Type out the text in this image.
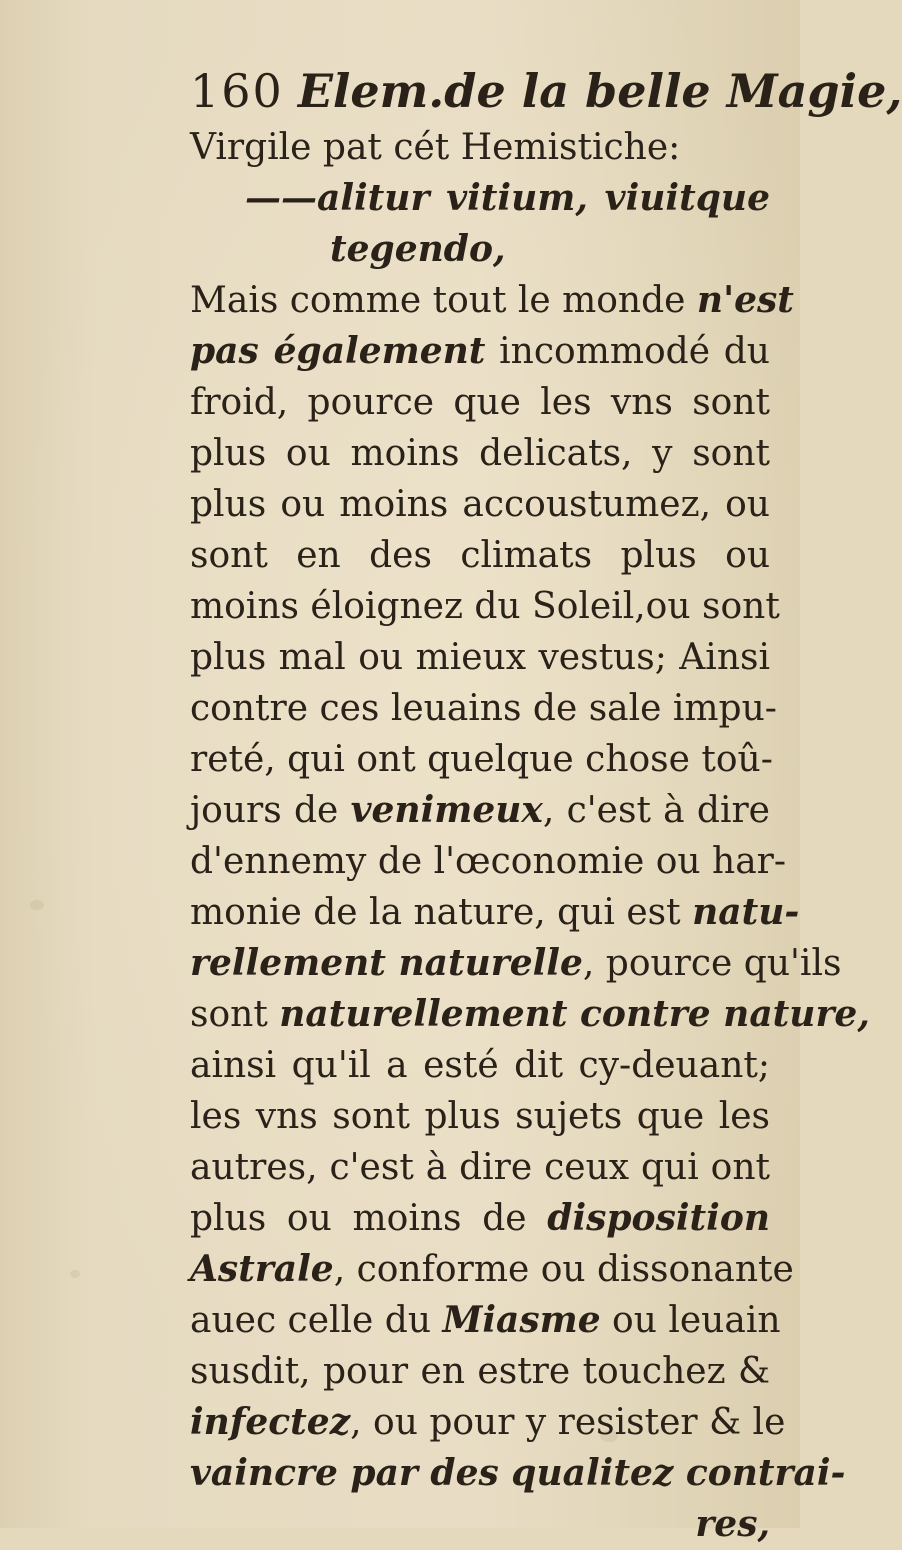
160 Elem.de la belle Magie,
Virgile pat cét Hemistiche:
——alitur vitium, viuitque
tegendo,
Mais comme tout le monde n'est
pas également incommodé du
froid, pource que les vns sont
plus ou moins delicats, y sont
plus ou moins accoustumez, ou
sont en des climats plus ou
moins éloignez du Soleil,ou sont
plus mal ou mieux vestus; Ainsi
contre ces leuains de sale impu-
reté, qui ont quelque chose toû-
jours de venimeux, c'est à dire
d'ennemy de l'œconomie ou har-
monie de la nature, qui est natu-
rellement naturelle, pource qu'ils
sont naturellement contre nature,
ainsi qu'il a esté dit cy-deuant;
les vns sont plus sujets que les
autres, c'est à dire ceux qui ont
plus ou moins de disposition
Astrale, conforme ou dissonante
auec celle du Miasme ou leuain
susdit, pour en estre touchez &
infectez, ou pour y resister & le
vaincre par des qualitez contrai-
res,
